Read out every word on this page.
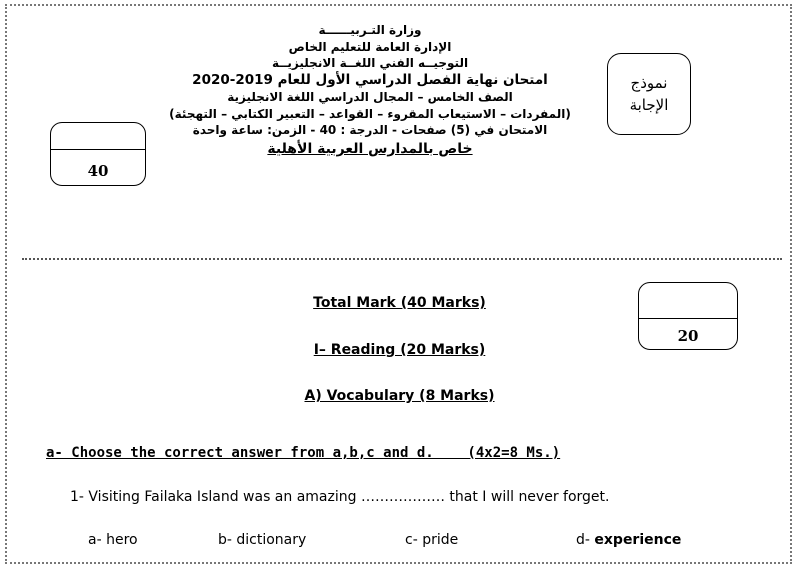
وزارة التـربيــــــة
الإدارة العامة للتعليم الخاص
التوجيــه الفني اللغــة الانجليزيــة
امتحان نهاية الفصل الدراسي الأول للعام 2019-2020
الصف الخامس – المجال الدراسي اللغة الانجليزية
(المفردات – الاستيعاب المقروء – القواعد – التعبير الكتابي – التهجئة)
الامتحان في (5) صفحات - الدرجة : 40 - الزمن: ساعة واحدة
خاص بالمدارس العربية الأهلية
نموذج
الإجابة
40
20
Total Mark (40 Marks)
I– Reading (20 Marks)
A) Vocabulary (8 Marks)
a- Choose the correct answer from a,b,c and d.    (4x2=8 Ms.)
1- Visiting Failaka Island was an amazing ……………… that I will never forget.
a- hero	b- dictionary	c- pride	d- experience
